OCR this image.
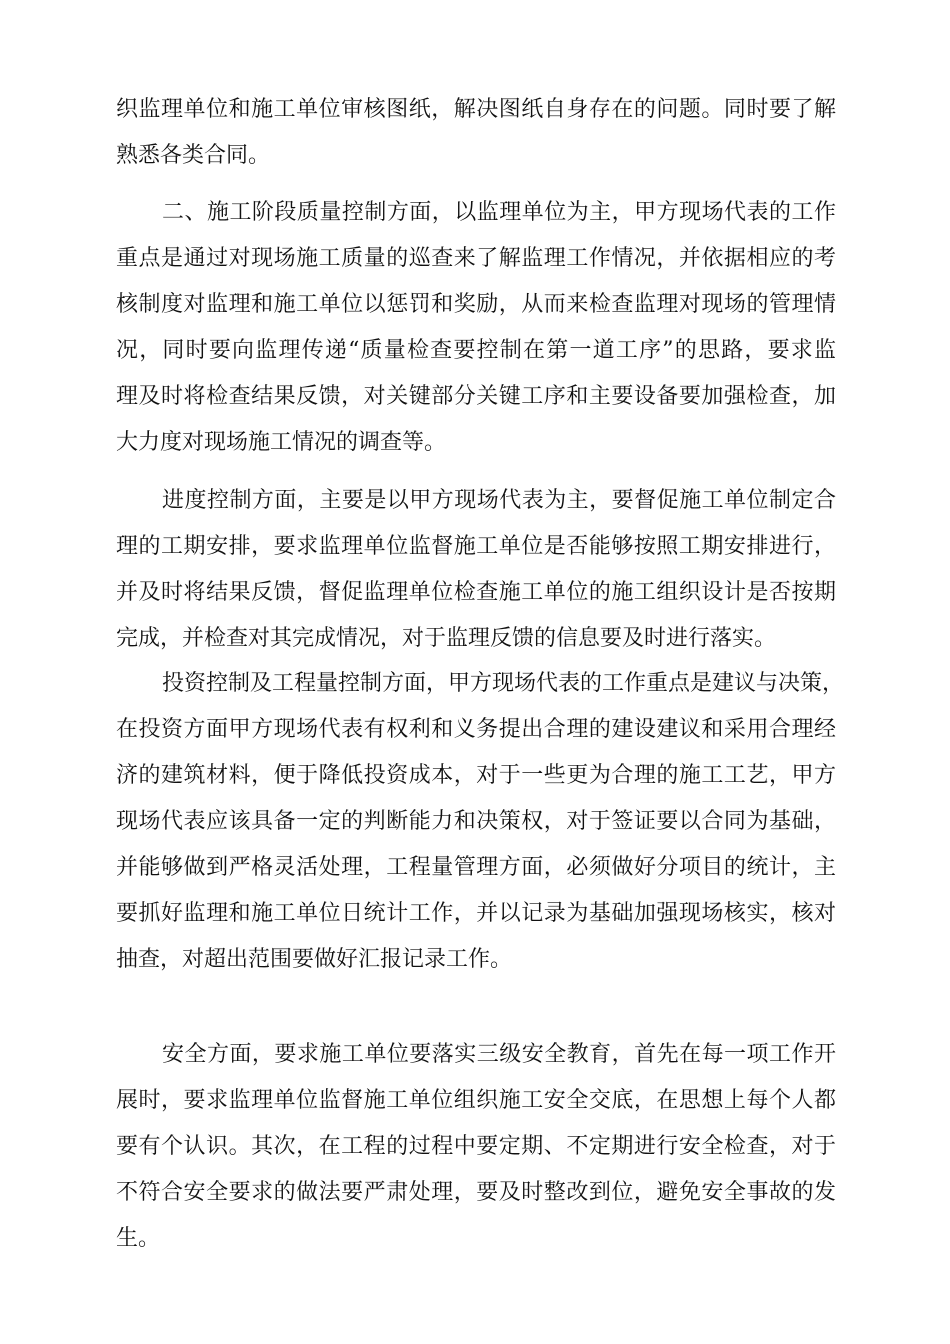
织监理单位和施工单位审核图纸，解决图纸自身存在的问题。同时要了解
熟悉各类合同。
二、施工阶段质量控制方面，以监理单位为主，甲方现场代表的工作
重点是通过对现场施工质量的巡查来了解监理工作情况，并依据相应的考
核制度对监理和施工单位以惩罚和奖励，从而来检查监理对现场的管理情
况，同时要向监理传递“质量检查要控制在第一道工序”的思路，要求监
理及时将检查结果反馈，对关键部分关键工序和主要设备要加强检查，加
大力度对现场施工情况的调查等。
进度控制方面，主要是以甲方现场代表为主，要督促施工单位制定合
理的工期安排，要求监理单位监督施工单位是否能够按照工期安排进行，
并及时将结果反馈，督促监理单位检查施工单位的施工组织设计是否按期
完成，并检查对其完成情况，对于监理反馈的信息要及时进行落实。
投资控制及工程量控制方面，甲方现场代表的工作重点是建议与决策，
在投资方面甲方现场代表有权利和义务提出合理的建设建议和采用合理经
济的建筑材料，便于降低投资成本，对于一些更为合理的施工工艺，甲方
现场代表应该具备一定的判断能力和决策权，对于签证要以合同为基础，
并能够做到严格灵活处理，工程量管理方面，必须做好分项目的统计，主
要抓好监理和施工单位日统计工作，并以记录为基础加强现场核实，核对
抽查，对超出范围要做好汇报记录工作。
安全方面，要求施工单位要落实三级安全教育，首先在每一项工作开
展时，要求监理单位监督施工单位组织施工安全交底，在思想上每个人都
要有个认识。其次，在工程的过程中要定期、不定期进行安全检查，对于
不符合安全要求的做法要严肃处理，要及时整改到位，避免安全事故的发
生。
